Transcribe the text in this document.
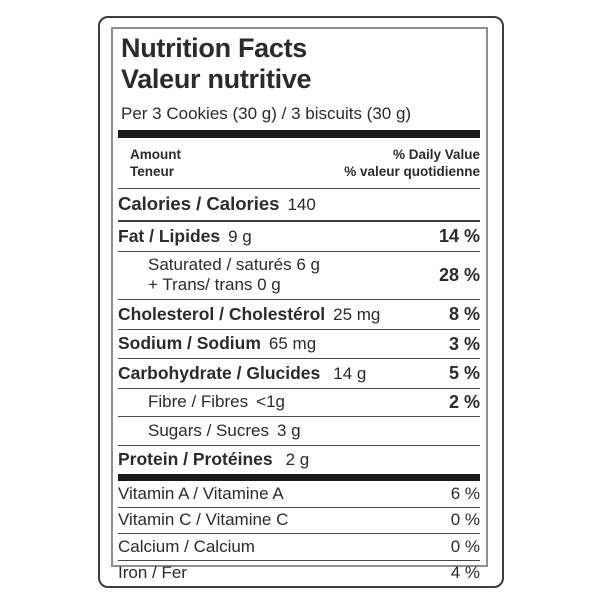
Nutrition Facts
Valeur nutritive
Per 3 Cookies (30 g) / 3 biscuits (30 g)
Amount
Teneur
% Daily Value
% valeur quotidienne
Calories / Calories 140
Fat / Lipides 9 g	14 %
Saturated / saturés 6 g
+ Trans/ trans 0 g	28 %
Cholesterol / Cholestérol 25 mg	8 %
Sodium / Sodium 65 mg	3 %
Carbohydrate / Glucides 14 g	5 %
Fibre / Fibres <1g	2 %
Sugars / Sucres 3 g
Protein / Protéines 2 g
Vitamin A / Vitamine A	6 %
Vitamin C / Vitamine C	0 %
Calcium / Calcium	0 %
Iron / Fer	4 %
